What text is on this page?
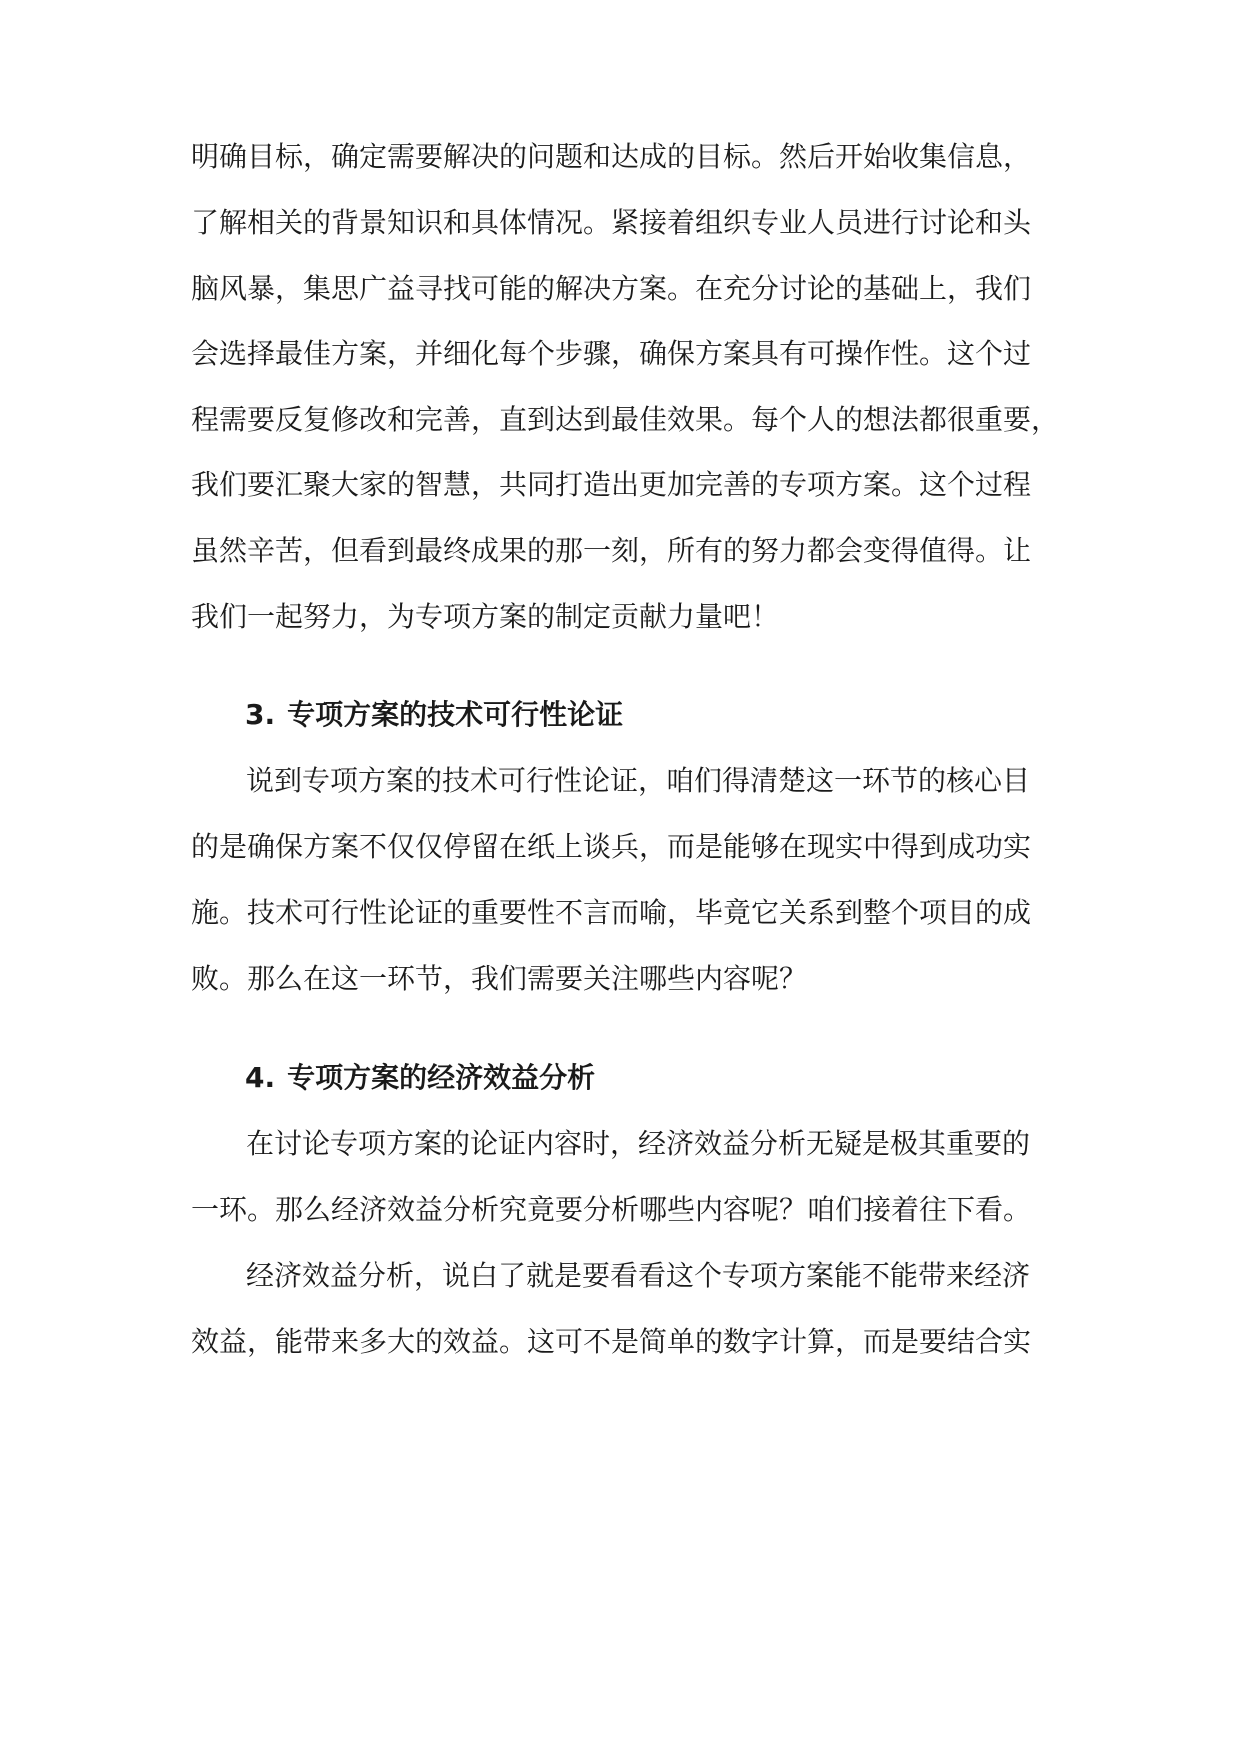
明确目标，确定需要解决的问题和达成的目标。然后开始收集信息，
了解相关的背景知识和具体情况。紧接着组织专业人员进行讨论和头
脑风暴，集思广益寻找可能的解决方案。在充分讨论的基础上，我们
会选择最佳方案，并细化每个步骤，确保方案具有可操作性。这个过
程需要反复修改和完善，直到达到最佳效果。每个人的想法都很重要，
我们要汇聚大家的智慧，共同打造出更加完善的专项方案。这个过程
虽然辛苦，但看到最终成果的那一刻，所有的努力都会变得值得。让
我们一起努力，为专项方案的制定贡献力量吧！
3. 专项方案的技术可行性论证
说到专项方案的技术可行性论证，咱们得清楚这一环节的核心目
的是确保方案不仅仅停留在纸上谈兵，而是能够在现实中得到成功实
施。技术可行性论证的重要性不言而喻，毕竟它关系到整个项目的成
败。那么在这一环节，我们需要关注哪些内容呢？
4. 专项方案的经济效益分析
在讨论专项方案的论证内容时，经济效益分析无疑是极其重要的
一环。那么经济效益分析究竟要分析哪些内容呢？咱们接着往下看。
经济效益分析，说白了就是要看看这个专项方案能不能带来经济
效益，能带来多大的效益。这可不是简单的数字计算，而是要结合实
